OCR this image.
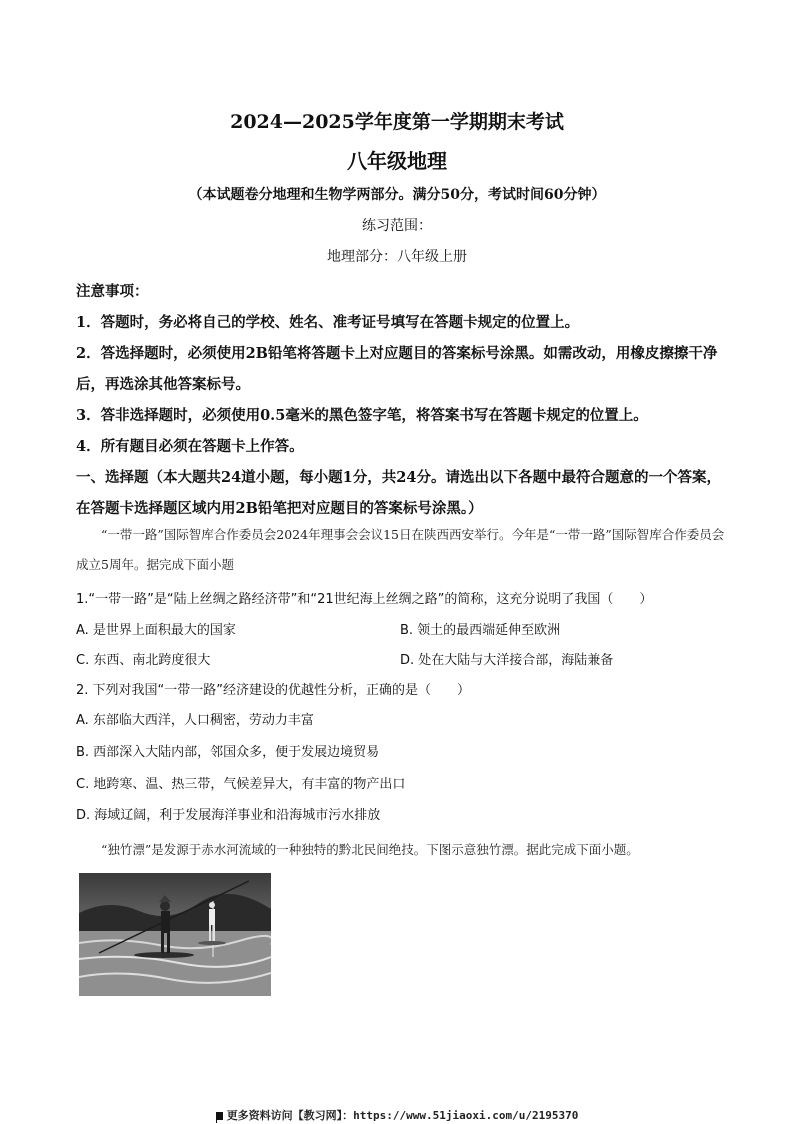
2024—2025学年度第一学期期末考试
八年级地理
（本试题卷分地理和生物学两部分。满分50分，考试时间60分钟）
练习范围：
地理部分：八年级上册
注意事项：
1．答题时，务必将自己的学校、姓名、准考证号填写在答题卡规定的位置上。
2．答选择题时，必须使用2B铅笔将答题卡上对应题目的答案标号涂黑。如需改动，用橡皮擦擦干净后，再选涂其他答案标号。
3．答非选择题时，必须使用0.5毫米的黑色签字笔，将答案书写在答题卡规定的位置上。
4．所有题目必须在答题卡上作答。
一、选择题（本大题共24道小题，每小题1分，共24分。请选出以下各题中最符合题意的一个答案，在答题卡选择题区域内用2B铅笔把对应题目的答案标号涂黑。）
“一带一路”国际智库合作委员会2024年理事会会议15日在陕西西安举行。今年是“一带一路”国际智库合作委员会成立5周年。据完成下面小题
1.“一带一路”是“陆上丝绸之路经济带”和“21世纪海上丝绸之路”的简称，这充分说明了我国（　　）
A. 是世界上面积最大的国家	B. 领土的最西端延伸至欧洲
C. 东西、南北跨度很大	D. 处在大陆与大洋接合部，海陆兼备
2. 下列对我国“一带一路”经济建设的优越性分析，正确的是（　　）
A. 东部临大西洋，人口稠密，劳动力丰富
B. 西部深入大陆内部，邻国众多，便于发展边境贸易
C. 地跨寒、温、热三带，气候差异大，有丰富的物产出口
D. 海域辽阔，利于发展海洋事业和沿海城市污水排放
“独竹漂”是发源于赤水河流域的一种独特的黔北民间绝技。下图示意独竹漂。据此完成下面小题。
更多资料访问【教习网】：https://www.51jiaoxi.com/u/2195370
